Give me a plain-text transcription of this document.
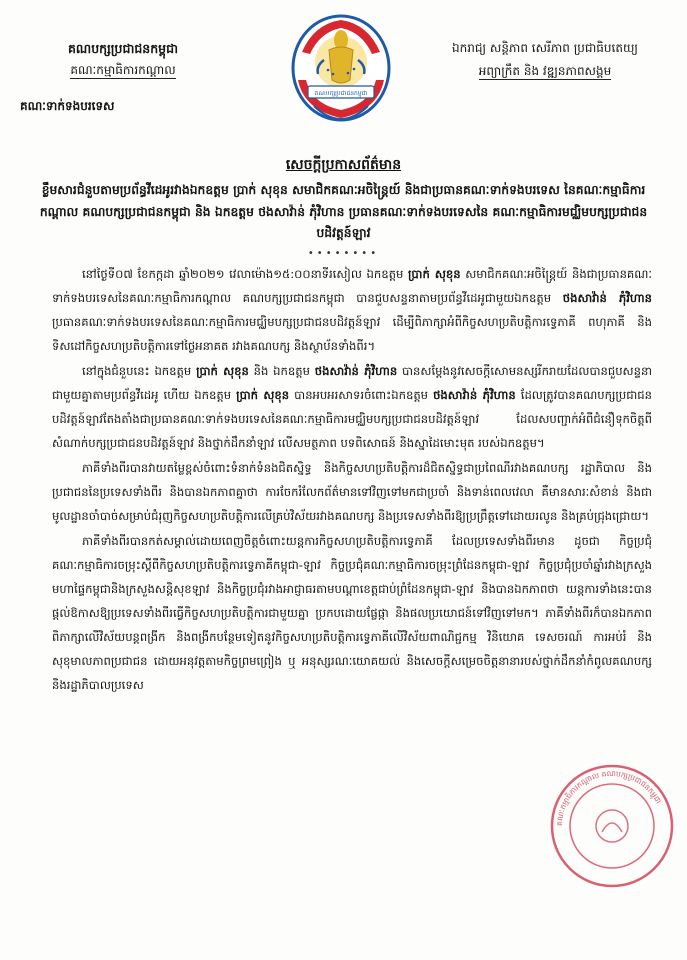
គណបក្សប្រជាជនកម្ពុជា
គណៈកម្មាធិការកណ្តាល
គណៈទាក់ទងបរទេស
គណបក្សប្រជាជនកម្ពុជា
ឯករាជ្យ សន្តិភាព សេរីភាព ប្រជាធិបតេយ្យ
អព្យាក្រឹត និង វឌ្ឍនភាពសង្គម
សេចក្តីប្រកាសព័ត៌មាន
ខ្លឹមសារជំនួបតាមប្រព័ន្ធវីដេអូរវាងឯកឧត្តម ប្រាក់ សុខុន សមាជិកគណៈអចិន្ត្រៃយ៍ និងជាប្រធានគណៈទាក់ទងបរទេស នៃគណៈកម្មាធិការកណ្តាល គណបក្សប្រជាជនកម្ពុជា និង ឯកឧត្តម ថងសាវ៉ាន់ ភុំវិហាន ប្រធានគណៈទាក់ទងបរទេសនៃ គណៈកម្មាធិការមជ្ឈិមបក្សប្រជាជនបដិវត្តន៍ឡាវ
••••••••

នៅថ្ងៃទី០៧ ខែកក្កដា ឆ្នាំ២០២១ វេលាម៉ោង១៥:០០នាទីរសៀល ឯកឧត្តម ប្រាក់ សុខុន សមាជិកគណៈអចិន្ត្រៃយ៍ និងជាប្រធានគណៈទាក់ទងបរទេសនៃគណៈកម្មាធិការកណ្តាល គណបក្សប្រជាជនកម្ពុជា បានជួបសន្ទនាតាមប្រព័ន្ធវីដេអូជាមួយឯកឧត្តម ថងសាវ៉ាន់ ភុំវិហាន ប្រធានគណៈទាក់ទងបរទេសនៃគណៈកម្មាធិការមជ្ឈិមបក្សប្រជាជនបដិវត្តន៍ឡាវ ដើម្បីពិភាក្សាអំពីកិច្ចសហប្រតិបត្តិការទ្វេភាគី ពហុភាគី និងទិសដៅកិច្ចសហប្រតិបត្តិការទៅថ្ងៃអនាគត រវាងគណបក្ស និងស្ថាប័នទាំងពីរ។

នៅក្នុងជំនួបនេះ ឯកឧត្តម ប្រាក់ សុខុន និង ឯកឧត្តម ថងសាវ៉ាន់ ភុំវិហាន បានសម្តែងនូវសេចក្តីសោមនស្សរីករាយដែលបានជួបសន្ទនាជាមួយគ្នាតាមប្រព័ន្ធវីដេអូ ហើយ ឯកឧត្តម ប្រាក់ សុខុន បានអបអរសាទរចំពោះឯកឧត្តម ថងសាវ៉ាន់ ភុំវិហាន ដែលត្រូវបានគណបក្សប្រជាជនបដិវត្តន៍ឡាវតែងតាំងជាប្រធានគណៈទាក់ទងបរទេសនៃគណៈកម្មាធិការមជ្ឈិមបក្សប្រជាជនបដិវត្តន៍ឡាវ ដែលសបញ្ជាក់អំពីជំនឿទុកចិត្តពីសំណាក់បក្សប្រជាជនបដិវត្តន៍ឡាវ និងថ្នាក់ដឹកនាំឡាវ លើសមត្ថភាព បទពិសោធន៍ និងស្នាដៃមោះមុត របស់ឯកឧត្តម។

ភាគីទាំងពីរបានវាយតម្លៃខ្ពស់ចំពោះទំនាក់ទំនងជិតស្និទ្ធ និងកិច្ចសហប្រតិបត្តិការដ៏ជិតស្និទ្ធជាប្រពៃណីរវាងគណបក្ស រដ្ឋាភិបាល និងប្រជាជននៃប្រទេសទាំងពីរ និងបានឯកភាពគ្នាថា ការចែករំលែកព័ត៌មានទៅវិញទៅមកជាប្រចាំ និងទាន់ពេលវេលា គឺមានសារៈសំខាន់ និងជាមូលដ្ឋានចាំបាច់សម្រាប់ជំរុញកិច្ចសហប្រតិបត្តិការលើគ្រប់វិស័យរវាងគណបក្ស និងប្រទេសទាំងពីរឱ្យប្រព្រឹត្តទៅដោយរលូន និងគ្រប់ជ្រុងជ្រោយ។

ភាគីទាំងពីរបានកត់សម្គាល់ដោយពេញចិត្តចំពោះយន្តការកិច្ចសហប្រតិបត្តិការទ្វេភាគី ដែលប្រទេសទាំងពីរមាន ដូចជា កិច្ចប្រជុំគណៈកម្មាធិការចម្រុះស្តីពីកិច្ចសហប្រតិបត្តិការទ្វេភាគីកម្ពុជា-ឡាវ កិច្ចប្រជុំគណៈកម្មាធិការចម្រុះព្រំដែនកម្ពុជា-ឡាវ កិច្ចប្រជុំប្រចាំឆ្នាំរវាងក្រសួងមហាផ្ទៃកម្ពុជានិងក្រសួងសន្តិសុខឡាវ និងកិច្ចប្រជុំរវាងអាជ្ញាធរតាមបណ្តាខេត្តជាប់ព្រំដែនកម្ពុជា-ឡាវ និងបានឯកភាពថា យន្តការទាំងនេះបានផ្តល់ឱកាសឱ្យប្រទេសទាំងពីរធ្វើកិច្ចសហប្រតិបត្តិការជាមួយគ្នា ប្រកបដោយផ្លែផ្កា និងផលប្រយោជន៍ទៅវិញទៅមក។ ភាគីទាំងពីរក៏បានឯកភាពពិភាក្សាលើវិស័យបន្តពង្រីក និងពង្រីកបន្ថែមទៀតនូវកិច្ចសហប្រតិបត្តិការទ្វេភាគីលើវិស័យពាណិជ្ជកម្ម វិនិយោគ ទេសចរណ៍ ការអប់រំ និងសុខុមាលភាពប្រជាជន ដោយអនុវត្តតាមកិច្ចព្រមព្រៀង ឬ អនុស្សរណៈយោគយល់ និងសេចក្តីសម្រេចចិត្តនានារបស់ថ្នាក់ដឹកនាំកំពូលគណបក្ស និងរដ្ឋាភិបាលប្រទេស

គណៈកម្មាធិការកណ្តាល គណបក្សប្រជាជនកម្ពុជា
